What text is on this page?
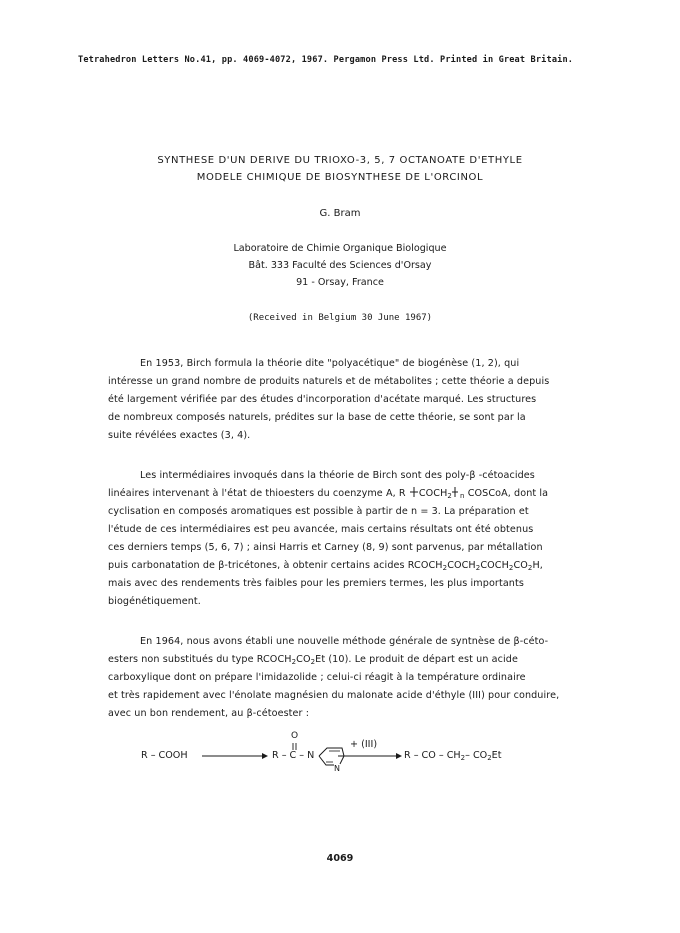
Tetrahedron Letters No.41, pp. 4069-4072, 1967. Pergamon Press Ltd. Printed in Great Britain.
SYNTHESE D'UN DERIVE DU TRIOXO-3, 5, 7 OCTANOATE D'ETHYLE
MODELE CHIMIQUE DE BIOSYNTHESE DE L'ORCINOL
G. Bram
Laboratoire de Chimie Organique Biologique
Bât. 333 Faculté des Sciences d'Orsay
91 - Orsay, France
(Received in Belgium 30 June 1967)
En 1953, Birch formula la théorie dite "polyacétique" de biogénèse (1, 2), qui
intéresse un grand nombre de produits naturels et de métabolites ; cette théorie a depuis
été largement vérifiée par des études d'incorporation d'acétate marqué. Les structures
de nombreux composés naturels, prédites sur la base de cette théorie, se sont par la
suite révélées exactes (3, 4).
Les intermédiaires invoqués dans la théorie de Birch sont des poly-β -cétoacides
linéaires intervenant à l'état de thioesters du coenzyme A, R $COCH_2$ $_n$ COSCoA, dont la
cyclisation en composés aromatiques est possible à partir de n = 3. La préparation et
l'étude de ces intermédiaires est peu avancée, mais certains résultats ont été obtenus
ces derniers temps (5, 6, 7) ; ainsi Harris et Carney (8, 9) sont parvenus, par métallation
puis carbonatation de β-tricétones, à obtenir certains acides $RCOCH_2COCH_2COCH_2CO_2H$,
mais avec des rendements très faibles pour les premiers termes, les plus importants
biogénétiquement.
En 1964, nous avons établi une nouvelle méthode générale de syntnèse de β-céto-
esters non substitués du type $RCOCH_2CO_2Et$ (10). Le produit de départ est un acide
carboxylique dont on prépare l'imidazolide ; celui-ci réagit à la température ordinaire
et très rapidement avec l'énolate magnésien du malonate acide d'éthyle (III) pour conduire,
avec un bon rendement, au β-cétoester :
R – COOH
O
R – C – N
N
+ (III)
R – CO – $CH_2-$ $CO_2Et$
4069
